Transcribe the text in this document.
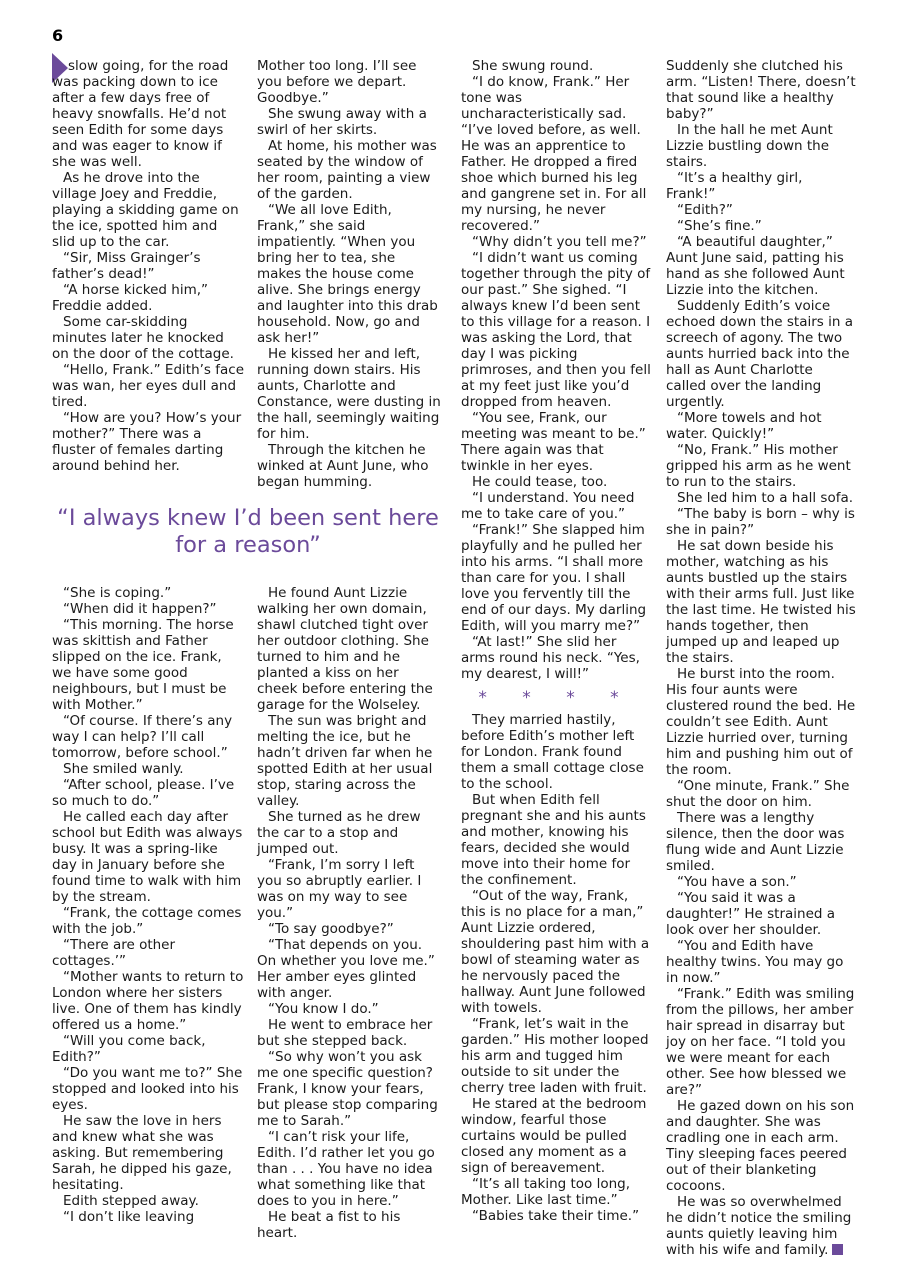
6

slow going, for the road was packing down to ice after a few days free of heavy snowfalls. He’d not seen Edith for some days and was eager to know if she was well.

As he drove into the village Joey and Freddie, playing a skidding game on the ice, spotted him and slid up to the car.

“Sir, Miss Grainger’s father’s dead!”

“A horse kicked him,” Freddie added.

Some car-skidding minutes later he knocked on the door of the cottage.

“Hello, Frank.” Edith’s face was wan, her eyes dull and tired.

“How are you? How’s your mother?” There was a fluster of females darting around behind her.

Mother too long. I’ll see you before we depart. Goodbye.”

She swung away with a swirl of her skirts.

At home, his mother was seated by the window of her room, painting a view of the garden.

“We all love Edith, Frank,” she said impatiently. “When you bring her to tea, she makes the house come alive. She brings energy and laughter into this drab household. Now, go and ask her!”

He kissed her and left, running down stairs. His aunts, Charlotte and Constance, were dusting in the hall, seemingly waiting for him.

Through the kitchen he winked at Aunt June, who began humming.

“I always knew I’d been sent here for a reason”

“She is coping.”

“When did it happen?”

“This morning. The horse was skittish and Father slipped on the ice. Frank, we have some good neighbours, but I must be with Mother.”

“Of course. If there’s any way I can help? I’ll call tomorrow, before school.”

She smiled wanly.

“After school, please. I’ve so much to do.”

He called each day after school but Edith was always busy. It was a spring-like day in January before she found time to walk with him by the stream.

“Frank, the cottage comes with the job.”

“There are other cottages.’”

“Mother wants to return to London where her sisters live. One of them has kindly offered us a home.”

“Will you come back, Edith?”

“Do you want me to?” She stopped and looked into his eyes.

He saw the love in hers and knew what she was asking. But remembering Sarah, he dipped his gaze, hesitating.

Edith stepped away.

“I don’t like leaving

He found Aunt Lizzie walking her own domain, shawl clutched tight over her outdoor clothing. She turned to him and he planted a kiss on her cheek before entering the garage for the Wolseley.

The sun was bright and melting the ice, but he hadn’t driven far when he spotted Edith at her usual stop, staring across the valley.

She turned as he drew the car to a stop and jumped out.

“Frank, I’m sorry I left you so abruptly earlier. I was on my way to see you.”

“To say goodbye?”

“That depends on you. On whether you love me.” Her amber eyes glinted with anger.

“You know I do.”

He went to embrace her but she stepped back.

“So why won’t you ask me one specific question? Frank, I know your fears, but please stop comparing me to Sarah.”

“I can’t risk your life, Edith. I’d rather let you go than . . . You have no idea what something like that does to you in here.”

He beat a fist to his heart.

She swung round.

“I do know, Frank.” Her tone was uncharacteristically sad. “I’ve loved before, as well. He was an apprentice to Father. He dropped a fired shoe which burned his leg and gangrene set in. For all my nursing, he never recovered.”

“Why didn’t you tell me?”

“I didn’t want us coming together through the pity of our past.” She sighed. “I always knew I’d been sent to this village for a reason. I was asking the Lord, that day I was picking primroses, and then you fell at my feet just like you’d dropped from heaven.

“You see, Frank, our meeting was meant to be.” There again was that twinkle in her eyes.

He could tease, too.

“I understand. You need me to take care of you.”

“Frank!” She slapped him playfully and he pulled her into his arms. “I shall more than care for you. I shall love you fervently till the end of our days. My darling Edith, will you marry me?”

“At last!” She slid her arms round his neck. “Yes, my dearest, I will!”

* * * *

They married hastily, before Edith’s mother left for London. Frank found them a small cottage close to the school.

But when Edith fell pregnant she and his aunts and mother, knowing his fears, decided she would move into their home for the confinement.

“Out of the way, Frank, this is no place for a man,” Aunt Lizzie ordered, shouldering past him with a bowl of steaming water as he nervously paced the hallway. Aunt June followed with towels.

“Frank, let’s wait in the garden.” His mother looped his arm and tugged him outside to sit under the cherry tree laden with fruit.

He stared at the bedroom window, fearful those curtains would be pulled closed any moment as a sign of bereavement.

“It’s all taking too long, Mother. Like last time.”

“Babies take their time.”

Suddenly she clutched his arm. “Listen! There, doesn’t that sound like a healthy baby?”

In the hall he met Aunt Lizzie bustling down the stairs.

“It’s a healthy girl, Frank!”

“Edith?”

“She’s fine.”

“A beautiful daughter,” Aunt June said, patting his hand as she followed Aunt Lizzie into the kitchen.

Suddenly Edith’s voice echoed down the stairs in a screech of agony. The two aunts hurried back into the hall as Aunt Charlotte called over the landing urgently.

“More towels and hot water. Quickly!”

“No, Frank.” His mother gripped his arm as he went to run to the stairs.

She led him to a hall sofa.

“The baby is born – why is she in pain?”

He sat down beside his mother, watching as his aunts bustled up the stairs with their arms full. Just like the last time. He twisted his hands together, then jumped up and leaped up the stairs.

He burst into the room. His four aunts were clustered round the bed. He couldn’t see Edith. Aunt Lizzie hurried over, turning him and pushing him out of the room.

“One minute, Frank.” She shut the door on him.

There was a lengthy silence, then the door was flung wide and Aunt Lizzie smiled.

“You have a son.”

“You said it was a daughter!” He strained a look over her shoulder.

“You and Edith have healthy twins. You may go in now.”

“Frank.” Edith was smiling from the pillows, her amber hair spread in disarray but joy on her face. “I told you we were meant for each other. See how blessed we are?”

He gazed down on his son and daughter. She was cradling one in each arm. Tiny sleeping faces peered out of their blanketing cocoons.

He was so overwhelmed he didn’t notice the smiling aunts quietly leaving him with his wife and family.
